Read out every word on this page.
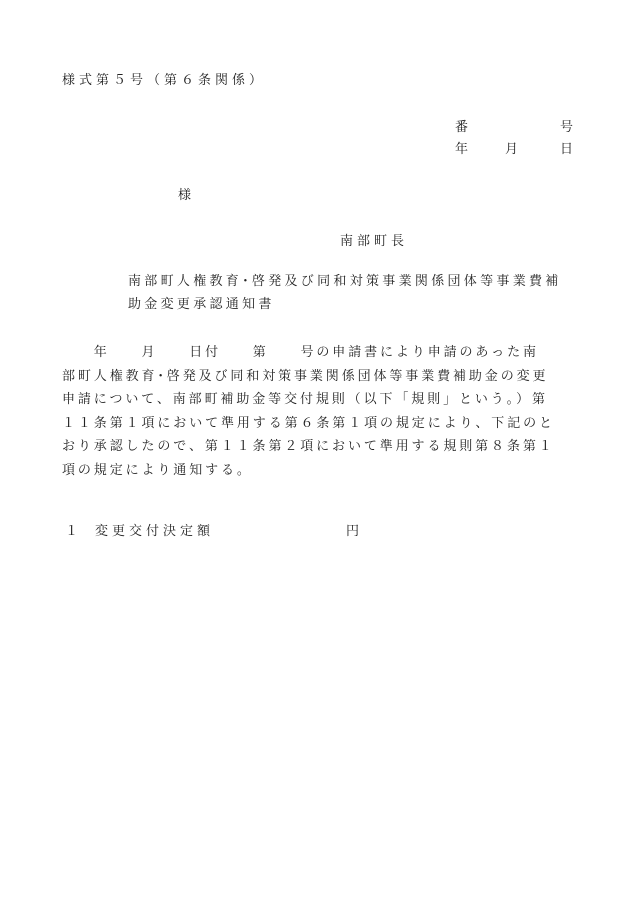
様式第５号（第６条関係）
番	号
年	月	日
様
南部町長
南部町人権教育･啓発及び同和対策事業関係団体等事業費補
助金変更承認通知書
　　年　　月　　日付　　第　　号の申請書により申請のあった南
部町人権教育･啓発及び同和対策事業関係団体等事業費補助金の変更
申請について、南部町補助金等交付規則（以下「規則」という。）第
１１条第１項において準用する第６条第１項の規定により、下記のと
おり承認したので、第１１条第２項において準用する規則第８条第１
項の規定により通知する。
１ 変更交付決定額	円
